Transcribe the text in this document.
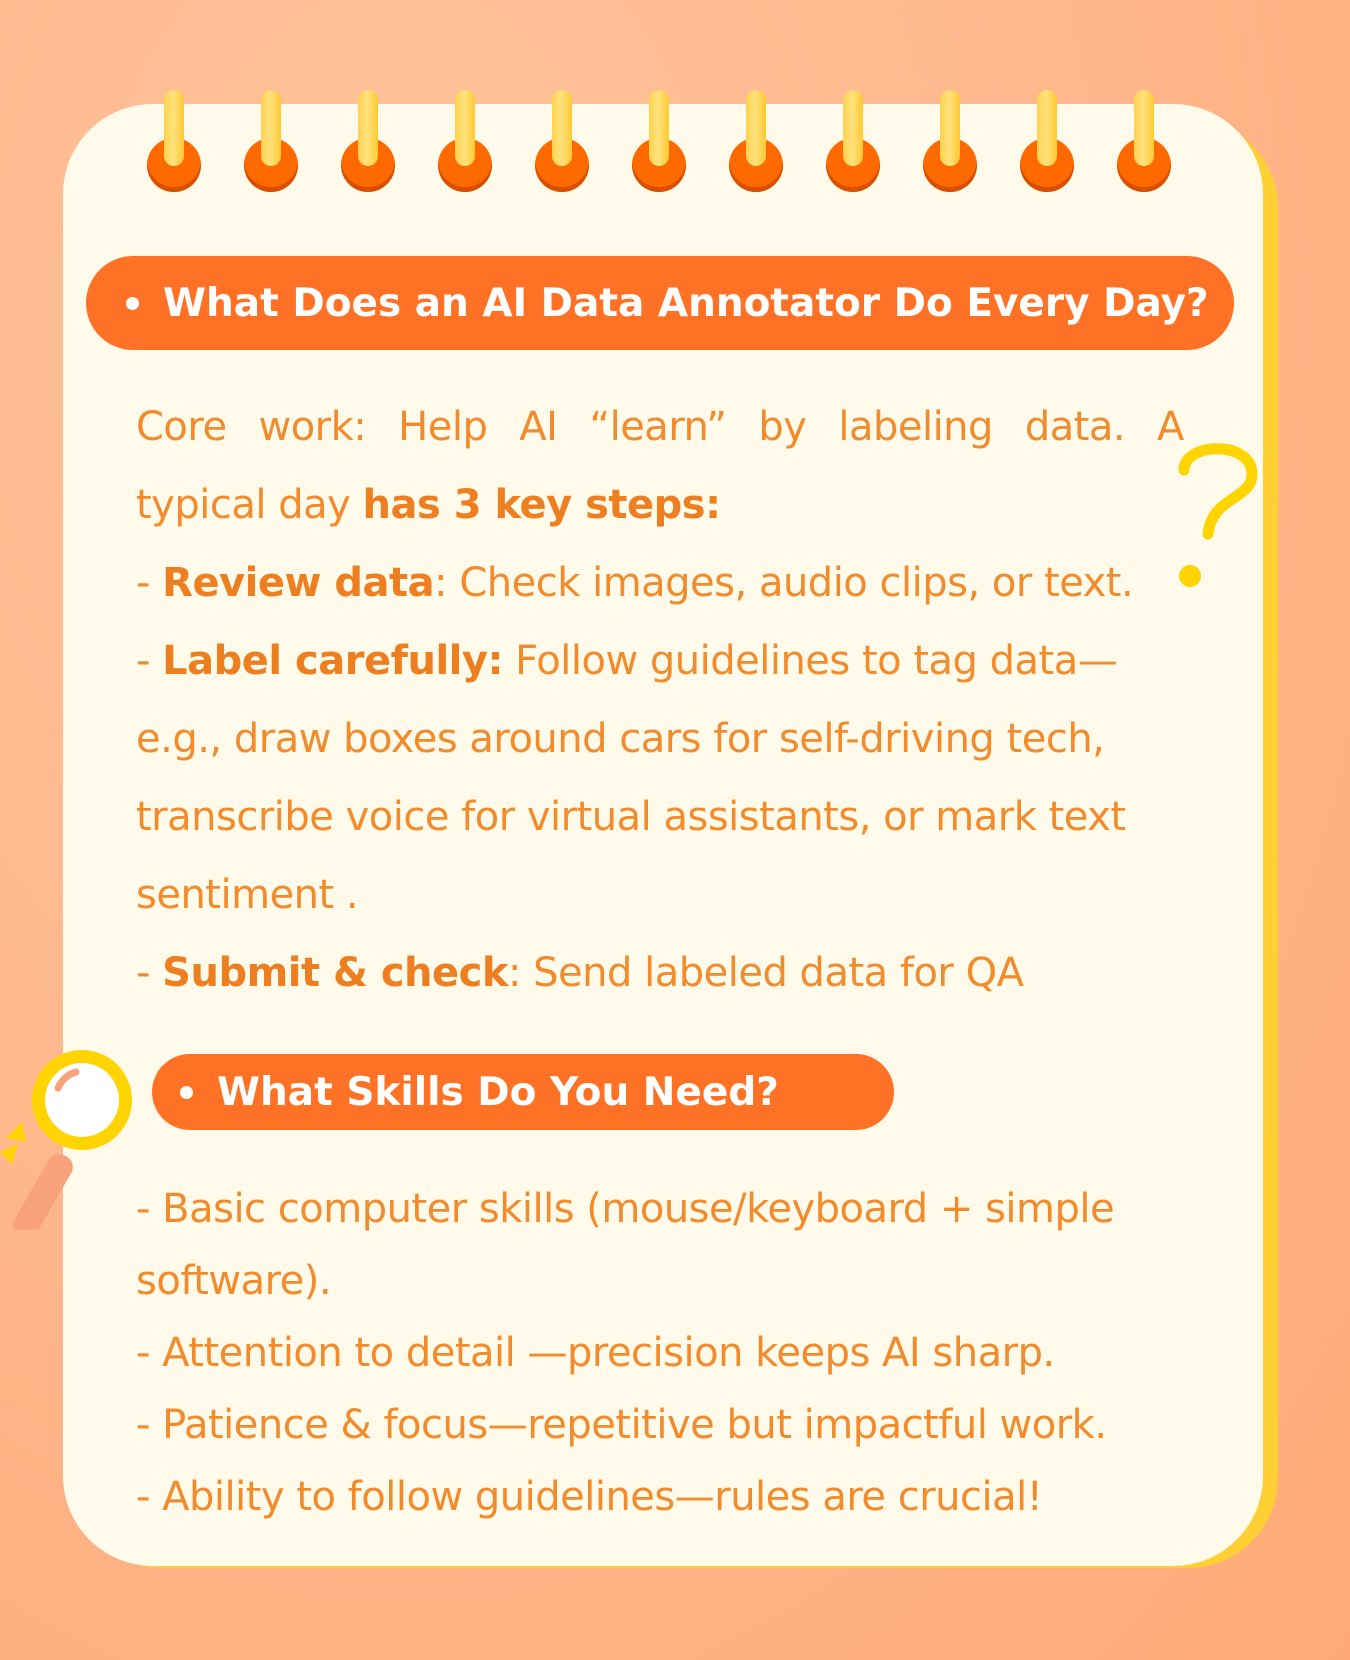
What Does an AI Data Annotator Do Every Day?
Core work: Help AI “learn” by labeling data. A
typical day has 3 key steps:
- Review data: Check images, audio clips, or text.
- Label carefully: Follow guidelines to tag data—
e.g., draw boxes around cars for self-driving tech,
transcribe voice for virtual assistants, or mark text
sentiment .
- Submit & check: Send labeled data for QA
What Skills Do You Need?
- Basic computer skills (mouse/keyboard + simple
software).
- Attention to detail —precision keeps AI sharp.
- Patience & focus—repetitive but impactful work.
- Ability to follow guidelines—rules are crucial!
